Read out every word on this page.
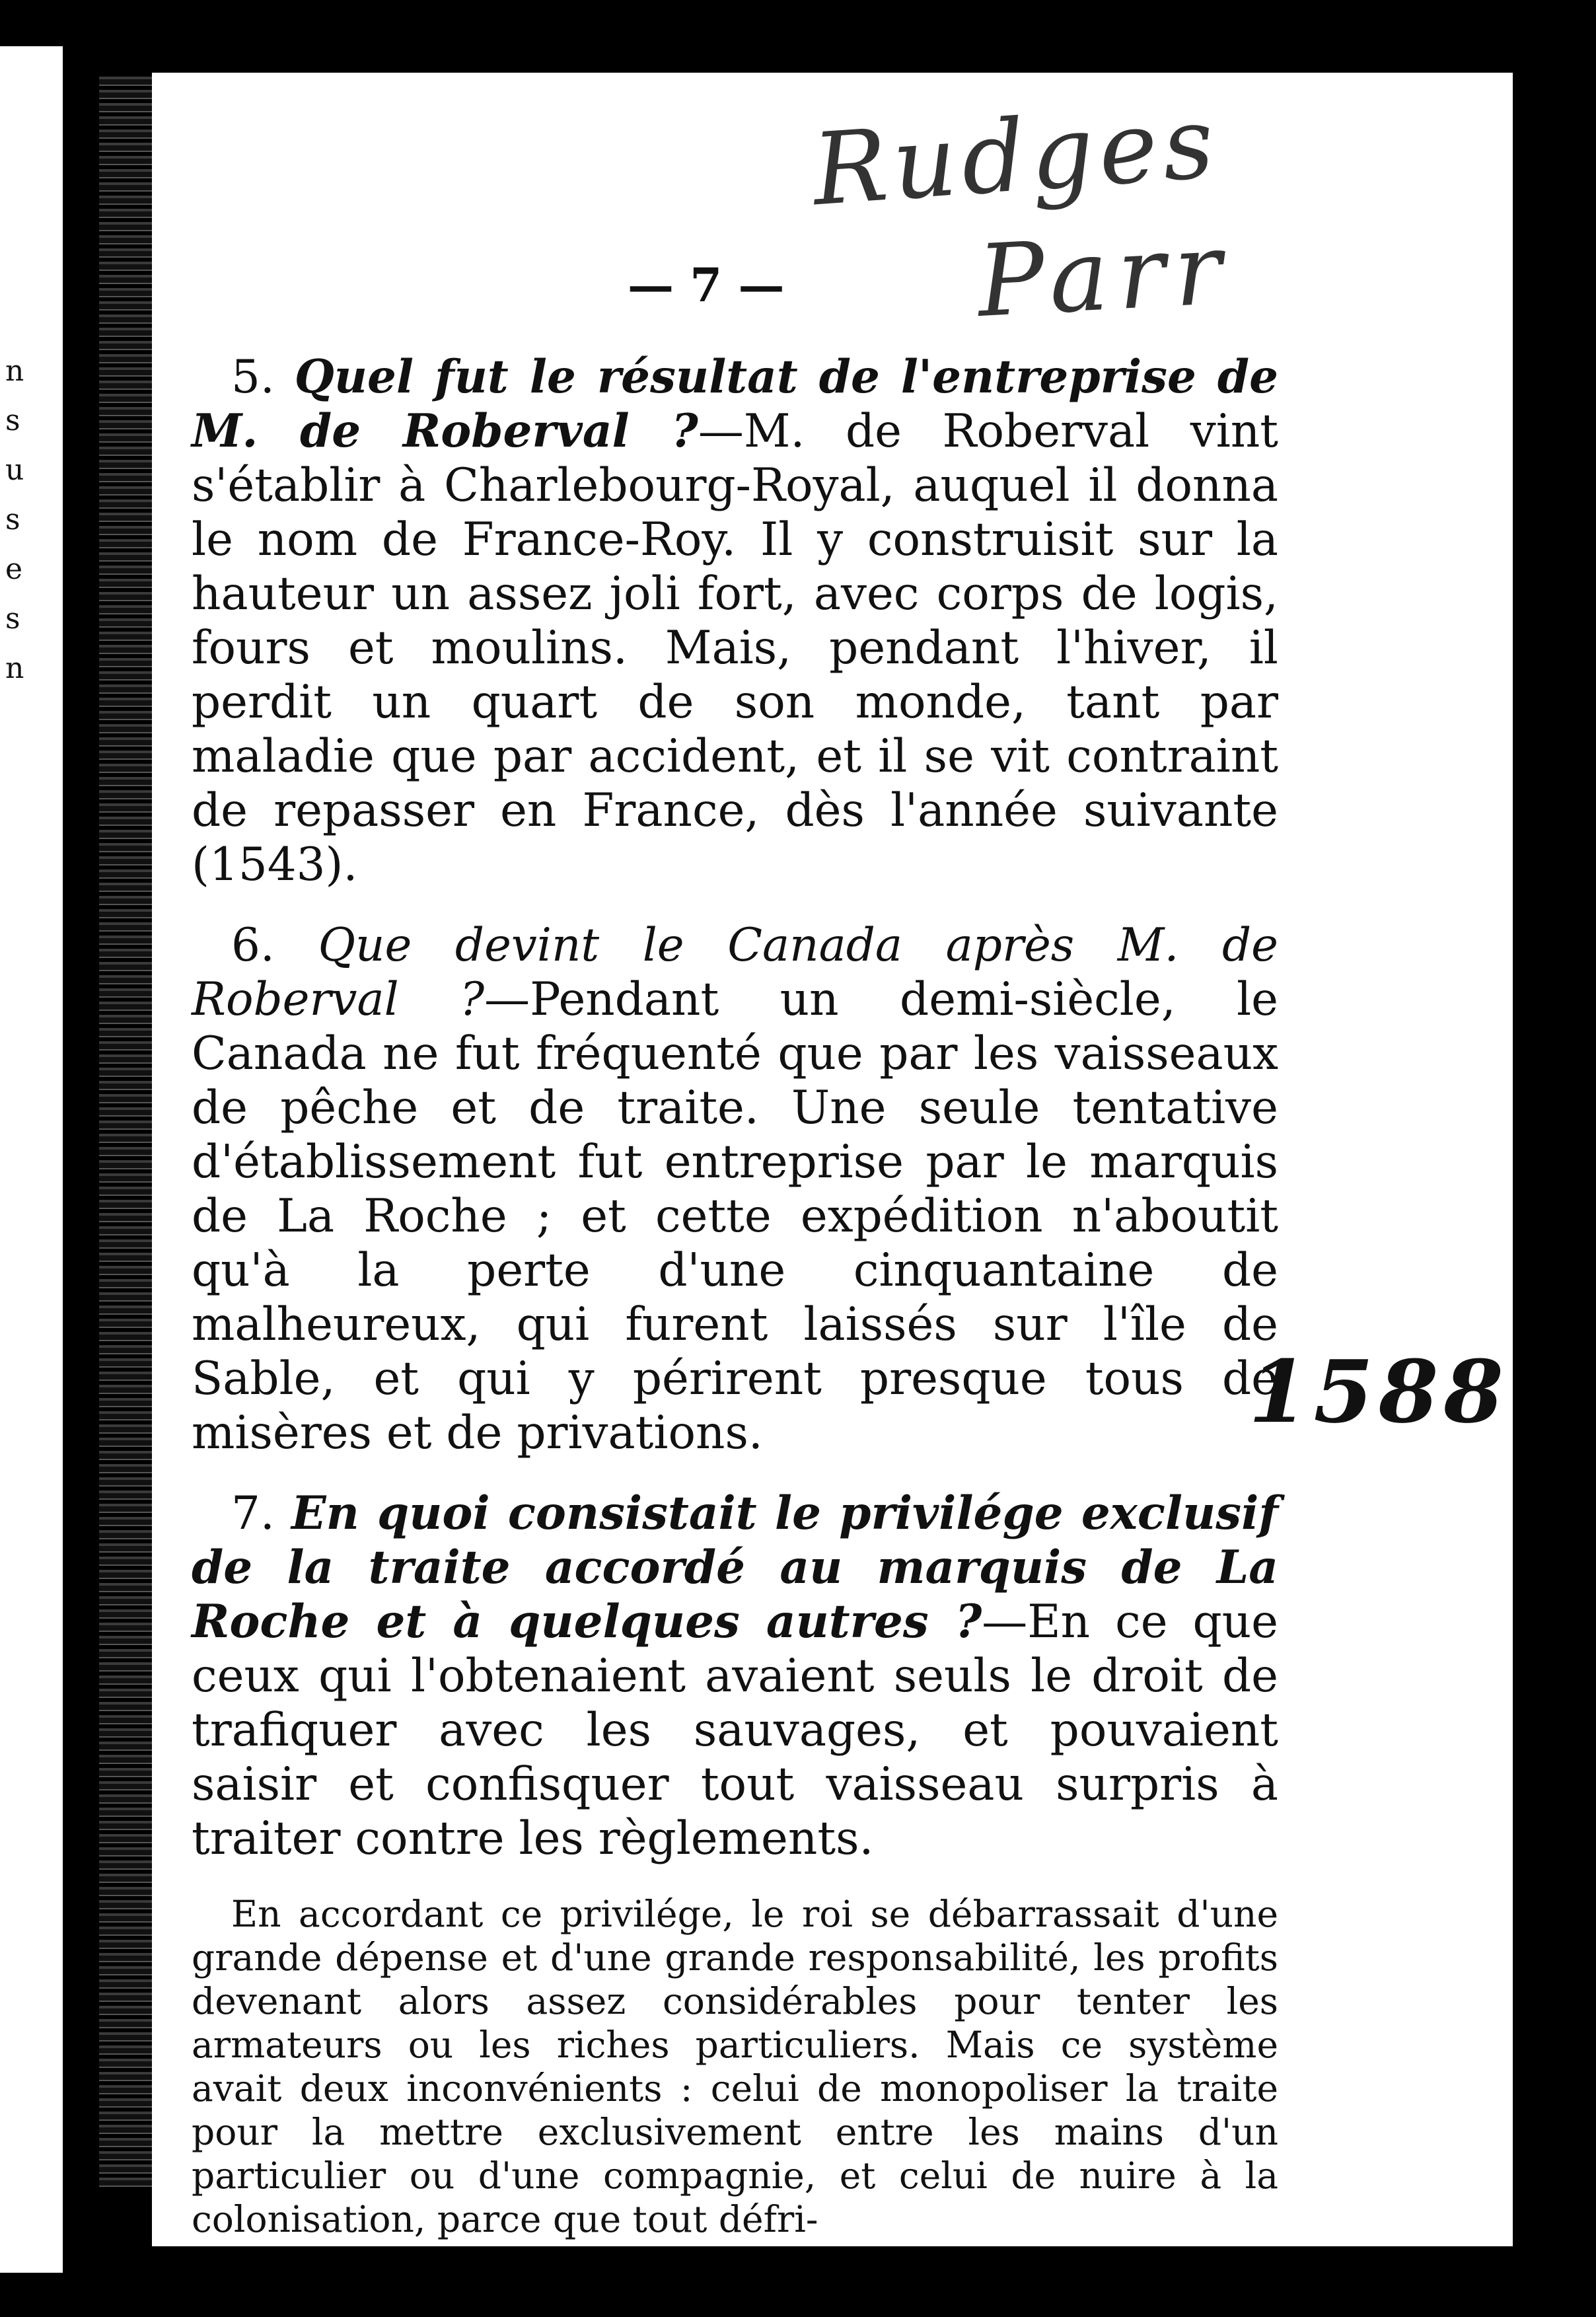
n
s
u
s
e
s
n
Rudges
Parr
1588
— 7 —

5. Quel fut le résultat de l'entreprise de M. de Roberval ?—M. de Roberval vint s'établir à Charlebourg-Royal, auquel il donna le nom de France-Roy. Il y construisit sur la hauteur un assez joli fort, avec corps de logis, fours et moulins. Mais, pendant l'hiver, il perdit un quart de son monde, tant par maladie que par accident, et il se vit contraint de repasser en France, dès l'année suivante (1543).

6. Que devint le Canada après M. de Roberval ?—Pendant un demi-siècle, le Canada ne fut fréquenté que par les vaisseaux de pêche et de traite. Une seule tentative d'établissement fut entreprise par le marquis de La Roche ; et cette expédition n'aboutit qu'à la perte d'une cinquantaine de malheureux, qui furent laissés sur l'île de Sable, et qui y périrent presque tous de misères et de privations.

7. En quoi consistait le privilége exclusif de la traite accordé au marquis de La Roche et à quelques autres ?—En ce que ceux qui l'obtenaient avaient seuls le droit de trafiquer avec les sauvages, et pouvaient saisir et confisquer tout vaisseau surpris à traiter contre les règlements.

En accordant ce privilége, le roi se débarrassait d'une grande dépense et d'une grande responsabilité, les profits devenant alors assez considérables pour tenter les armateurs ou les riches particuliers. Mais ce système avait deux inconvénients : celui de monopoliser la traite pour la mettre exclusivement entre les mains d'un particulier ou d'une compagnie, et celui de nuire à la colonisation, parce que tout défri-
